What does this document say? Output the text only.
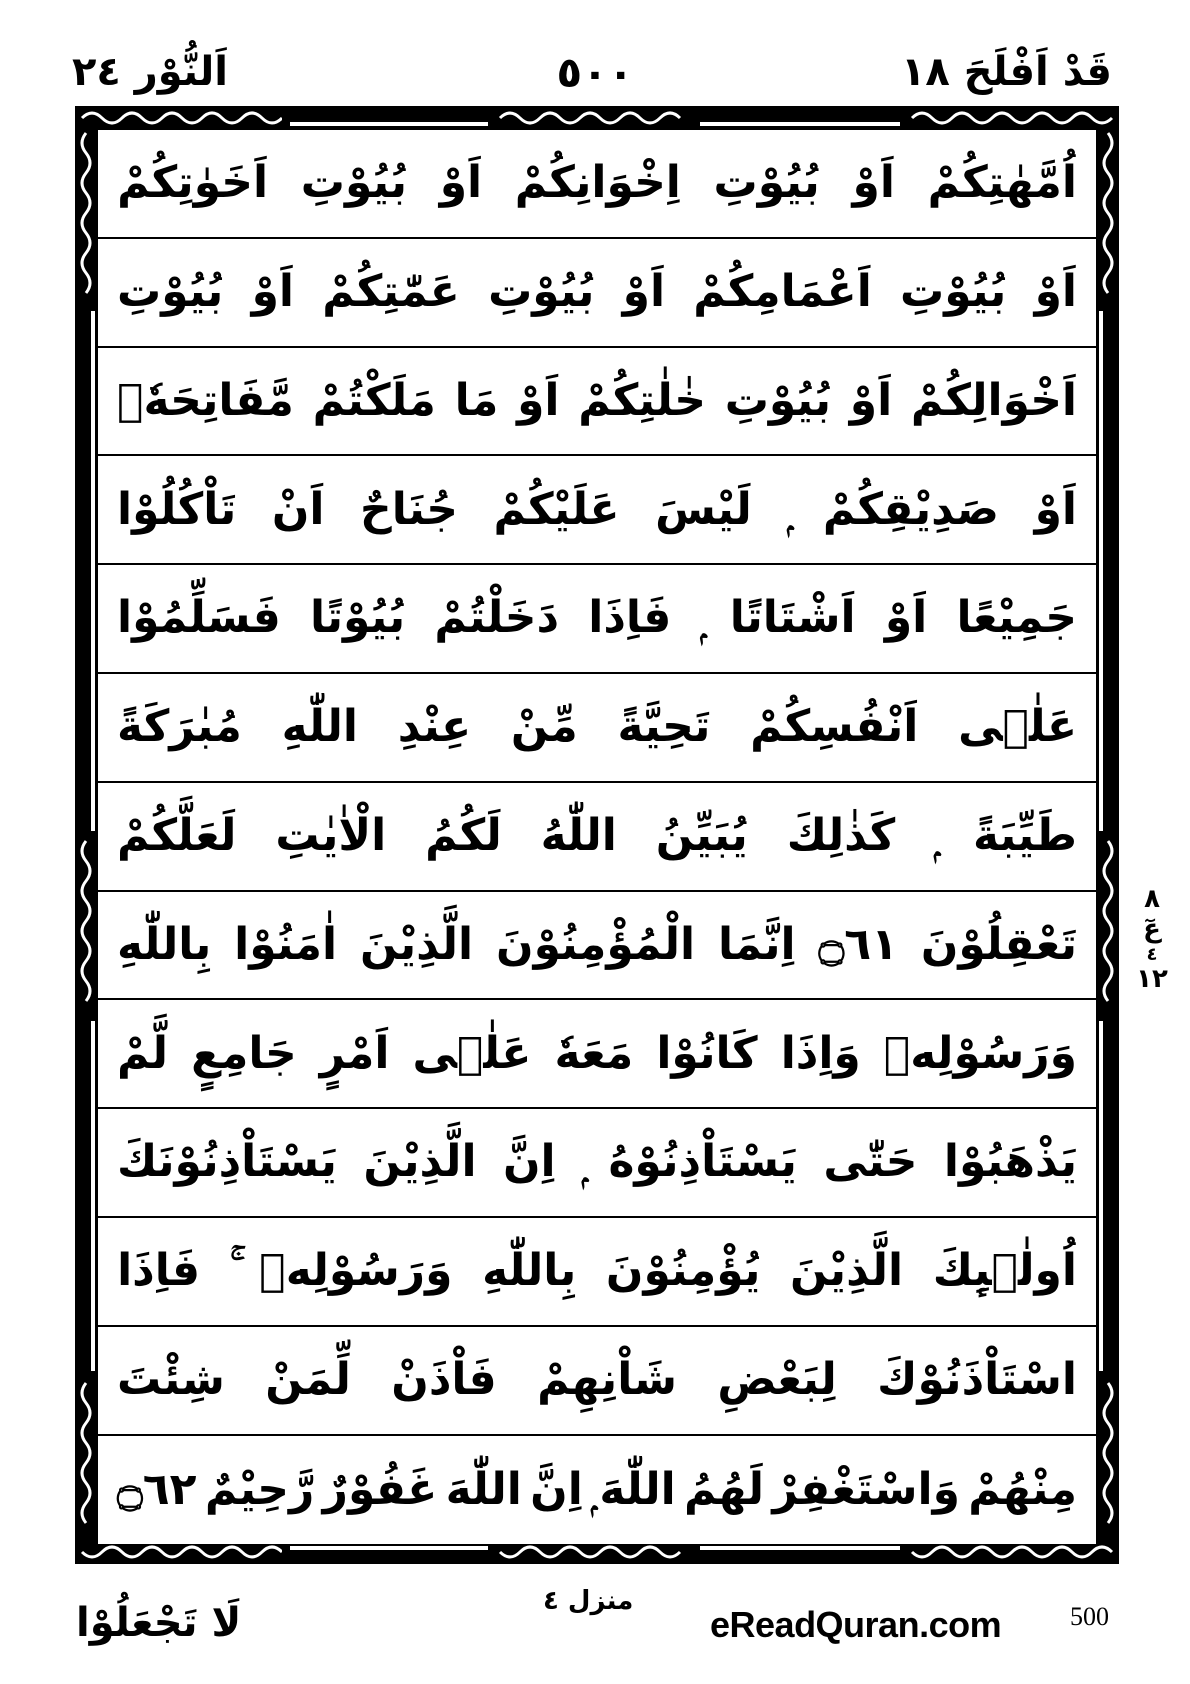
قَدْ اَفْلَحَ ١٨
٥٠٠
اَلنُّوْر ٢٤
اُمَّهٰتِكُمْ
اَوْ
بُيُوْتِ
اِخْوَانِكُمْ
اَوْ
بُيُوْتِ
اَخَوٰتِكُمْ
اَوْ
بُيُوْتِ
اَعْمَامِكُمْ
اَوْ
بُيُوْتِ
عَمّٰتِكُمْ
اَوْ
بُيُوْتِ
اَخْوَالِكُمْ
اَوْ
بُيُوْتِ
خٰلٰتِكُمْ
اَوْ
مَا
مَلَكْتُمْ
مَّفَاتِحَهٗۤ
اَوْ
صَدِيْقِكُمْ
لَيْسَ
عَلَيْكُمْ
جُنَاحٌ
اَنْ
تَاْكُلُوْا
جَمِيْعًا
اَوْ
اَشْتَاتًا
فَاِذَا
دَخَلْتُمْ
بُيُوْتًا
فَسَلِّمُوْا
عَلٰۤى
اَنْفُسِكُمْ
تَحِيَّةً
مِّنْ
عِنْدِ
اللّٰهِ
مُبٰرَكَةً
طَيِّبَةً
كَذٰلِكَ
يُبَيِّنُ
اللّٰهُ
لَكُمُ
الْاٰيٰتِ
لَعَلَّكُمْ
تَعْقِلُوْنَ
۝٦١
اِنَّمَا
الْمُؤْمِنُوْنَ
الَّذِيْنَ
اٰمَنُوْا
بِاللّٰهِ
وَرَسُوْلِهٖ
وَاِذَا
كَانُوْا
مَعَهٗ
عَلٰۤى
اَمْرٍ
جَامِعٍ
لَّمْ
يَذْهَبُوْا
حَتّٰى
يَسْتَاْذِنُوْهُ
اِنَّ
الَّذِيْنَ
يَسْتَاْذِنُوْنَكَ
اُولٰۗىِٕكَ
الَّذِيْنَ
يُؤْمِنُوْنَ
بِاللّٰهِ
وَرَسُوْلِهٖ
فَاِذَا
اسْتَاْذَنُوْكَ
لِبَعْضِ
شَاْنِهِمْ
فَاْذَنْ
لِّمَنْ
شِئْتَ
مِنْهُمْ
وَاسْتَغْفِرْ
لَهُمُ
اللّٰهَ
اِنَّ
اللّٰهَ
غَفُوْرٌ
رَّحِيْمٌ
۝٦٢
٨
عٓ
٤
١٢
لَا تَجْعَلُوْا	منزل ٤
eReadQuran.com	500
